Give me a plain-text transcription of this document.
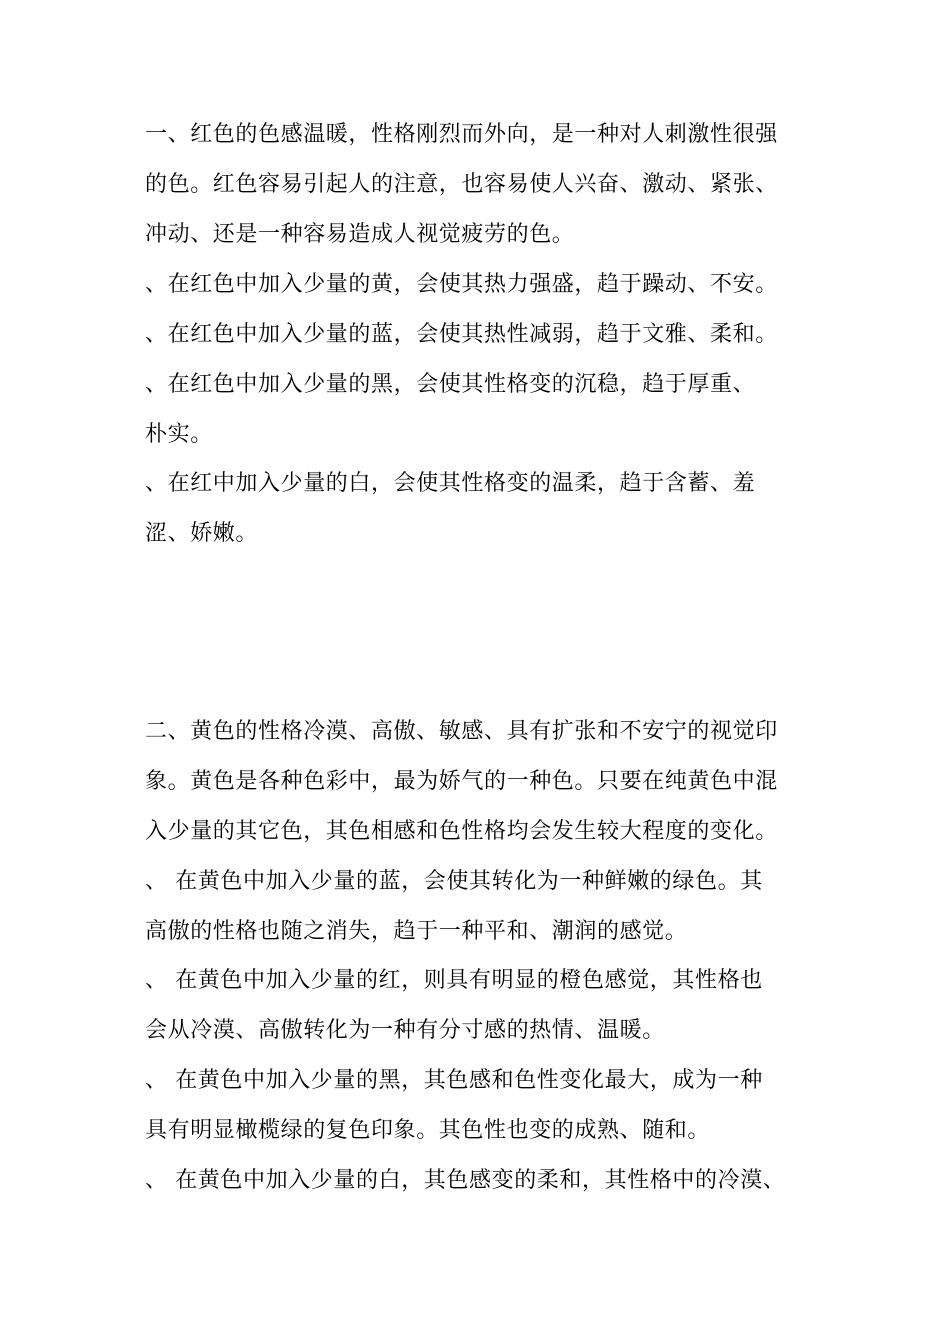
一、红色的色感温暖，性格刚烈而外向，是一种对人刺激性很强
的色。红色容易引起人的注意，也容易使人兴奋、激动、紧张、
冲动、还是一种容易造成人视觉疲劳的色。
、在红色中加入少量的黄，会使其热力强盛，趋于躁动、不安。
、在红色中加入少量的蓝，会使其热性减弱，趋于文雅、柔和。
、在红色中加入少量的黑，会使其性格变的沉稳，趋于厚重、
朴实。
、在红中加入少量的白，会使其性格变的温柔，趋于含蓄、羞
涩、娇嫩。
二、黄色的性格冷漠、高傲、敏感、具有扩张和不安宁的视觉印
象。黄色是各种色彩中，最为娇气的一种色。只要在纯黄色中混
入少量的其它色，其色相感和色性格均会发生较大程度的变化。
、 在黄色中加入少量的蓝，会使其转化为一种鲜嫩的绿色。其
高傲的性格也随之消失，趋于一种平和、潮润的感觉。
、 在黄色中加入少量的红，则具有明显的橙色感觉，其性格也
会从冷漠、高傲转化为一种有分寸感的热情、温暖。
、 在黄色中加入少量的黑，其色感和色性变化最大，成为一种
具有明显橄榄绿的复色印象。其色性也变的成熟、随和。
、 在黄色中加入少量的白，其色感变的柔和，其性格中的冷漠、
